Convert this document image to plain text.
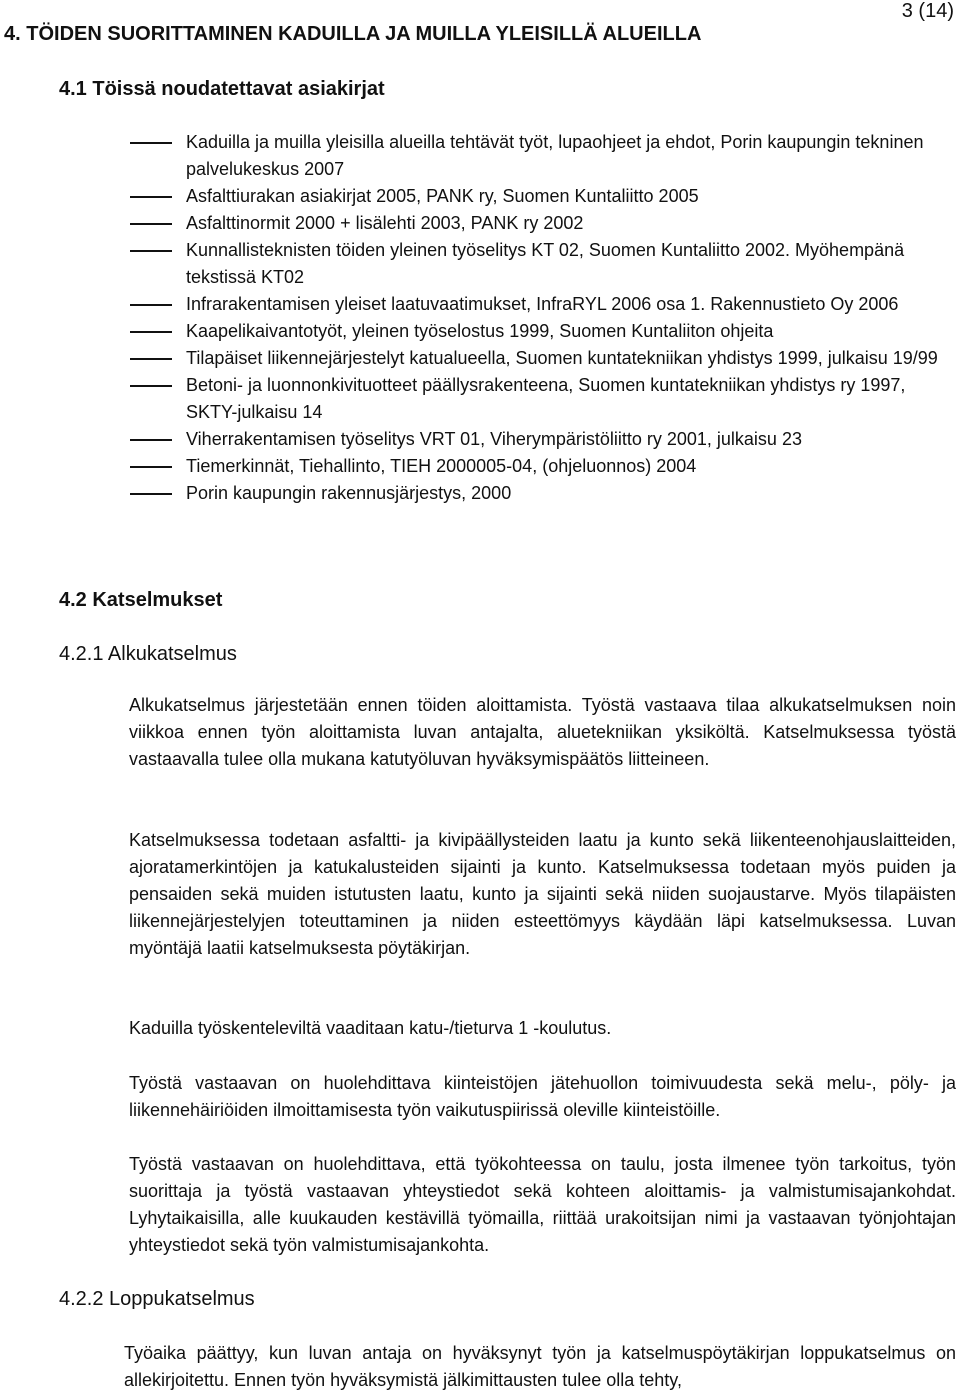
3 (14)
4. TÖIDEN SUORITTAMINEN KADUILLA JA MUILLA YLEISILLÄ ALUEILLA
4.1 Töissä noudatettavat asiakirjat
Kaduilla ja muilla yleisilla alueilla tehtävät työt, lupaohjeet ja ehdot, Porin kaupungin tekninen palvelukeskus 2007
Asfalttiurakan asiakirjat 2005, PANK ry, Suomen Kuntaliitto 2005
Asfalttinormit 2000 + lisälehti 2003, PANK ry 2002
Kunnallisteknisten töiden yleinen työselitys KT 02, Suomen Kuntaliitto 2002. Myöhempänä tekstissä KT02
Infrarakentamisen yleiset laatuvaatimukset, InfraRYL 2006 osa 1. Rakennustieto Oy 2006
Kaapelikaivantotyöt, yleinen työselostus 1999, Suomen Kuntaliiton ohjeita
Tilapäiset liikennejärjestelyt katualueella, Suomen kuntatekniikan yhdistys 1999, julkaisu 19/99
Betoni- ja luonnonkivituotteet päällysrakenteena, Suomen kuntatekniikan yhdistys ry 1997, SKTY-julkaisu 14
Viherrakentamisen työselitys VRT 01, Viherympäristöliitto ry 2001, julkaisu 23
Tiemerkinnät, Tiehallinto, TIEH 2000005-04, (ohjeluonnos) 2004
Porin kaupungin rakennusjärjestys, 2000
4.2 Katselmukset
4.2.1 Alkukatselmus

Alkukatselmus järjestetään ennen töiden aloittamista. Työstä vastaava tilaa alkukatselmuksen noin viikkoa ennen työn aloittamista luvan antajalta, aluetekniikan yksiköltä. Katselmuksessa työstä vastaavalla tulee olla mukana katutyöluvan hyväksymispäätös liitteineen.

Katselmuksessa todetaan asfaltti- ja kivipäällysteiden laatu ja kunto sekä liikenteenohjauslaitteiden, ajoratamerkintöjen ja katukalusteiden sijainti ja kunto. Katselmuksessa todetaan myös puiden ja pensaiden sekä muiden istutusten laatu, kunto ja sijainti sekä niiden suojaustarve. Myös tilapäisten liikennejärjestelyjen toteuttaminen ja niiden esteettömyys käydään läpi katselmuksessa. Luvan myöntäjä laatii katselmuksesta pöytäkirjan.

Kaduilla työskenteleviltä vaaditaan katu-/tieturva 1 -koulutus.

Työstä vastaavan on huolehdittava kiinteistöjen jätehuollon toimivuudesta sekä melu-, pöly- ja liikennehäiriöiden ilmoittamisesta työn vaikutuspiirissä oleville kiinteistöille.

Työstä vastaavan on huolehdittava, että työkohteessa on taulu, josta ilmenee työn tarkoitus, työn suorittaja ja työstä vastaavan yhteystiedot sekä kohteen aloittamis- ja valmistumisajankohdat. Lyhytaikaisilla, alle kuukauden kestävillä työmailla, riittää urakoitsijan nimi ja vastaavan työnjohtajan yhteystiedot sekä työn valmistumisajankohta.

4.2.2 Loppukatselmus

Työaika päättyy, kun luvan antaja on hyväksynyt työn ja katselmuspöytäkirjan loppukatselmus on allekirjoitettu. Ennen työn hyväksymistä jälkimittausten tulee olla tehty,
